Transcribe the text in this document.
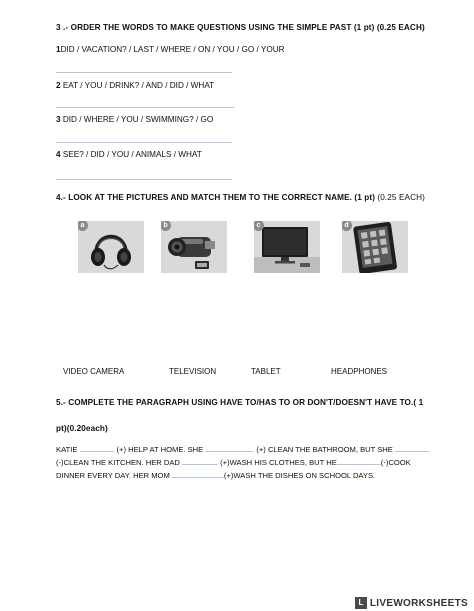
3 .- ORDER THE WORDS TO MAKE QUESTIONS USING THE SIMPLE PAST (1 pt) (0.25 EACH)
1DID / VACATION? / LAST / WHERE / ON / YOU / GO / YOUR
2 EAT / YOU / DRINK? / AND / DID / WHAT
3 DID / WHERE / YOU / SWIMMING? / GO
4 SEE? / DID / YOU / ANIMALS / WHAT
4.- LOOK AT THE PICTURES AND MATCH THEM TO THE CORRECT NAME. (1 pt) (0.25 EACH)
a	b	c	d
VIDEO CAMERA	TELEVISION	TABLET	HEADPHONES
5.- COMPLETE THE PARAGRAPH USING HAVE TO/HAS TO OR DON'T/DOESN'T HAVE TO.( 1
pt)(0.20each)
KATIE	(+) HELP AT HOME. SHE	(+) CLEAN THE BATHROOM, BUT SHE
(-)CLEAN THE KITCHEN. HER DAD	(+)WASH HIS CLOTHES, BUT HE	(-)COOK
DINNER EVERY DAY. HER MOM	(+)WASH THE DISHES ON SCHOOL DAYS.
L LIVEWORKSHEETS
